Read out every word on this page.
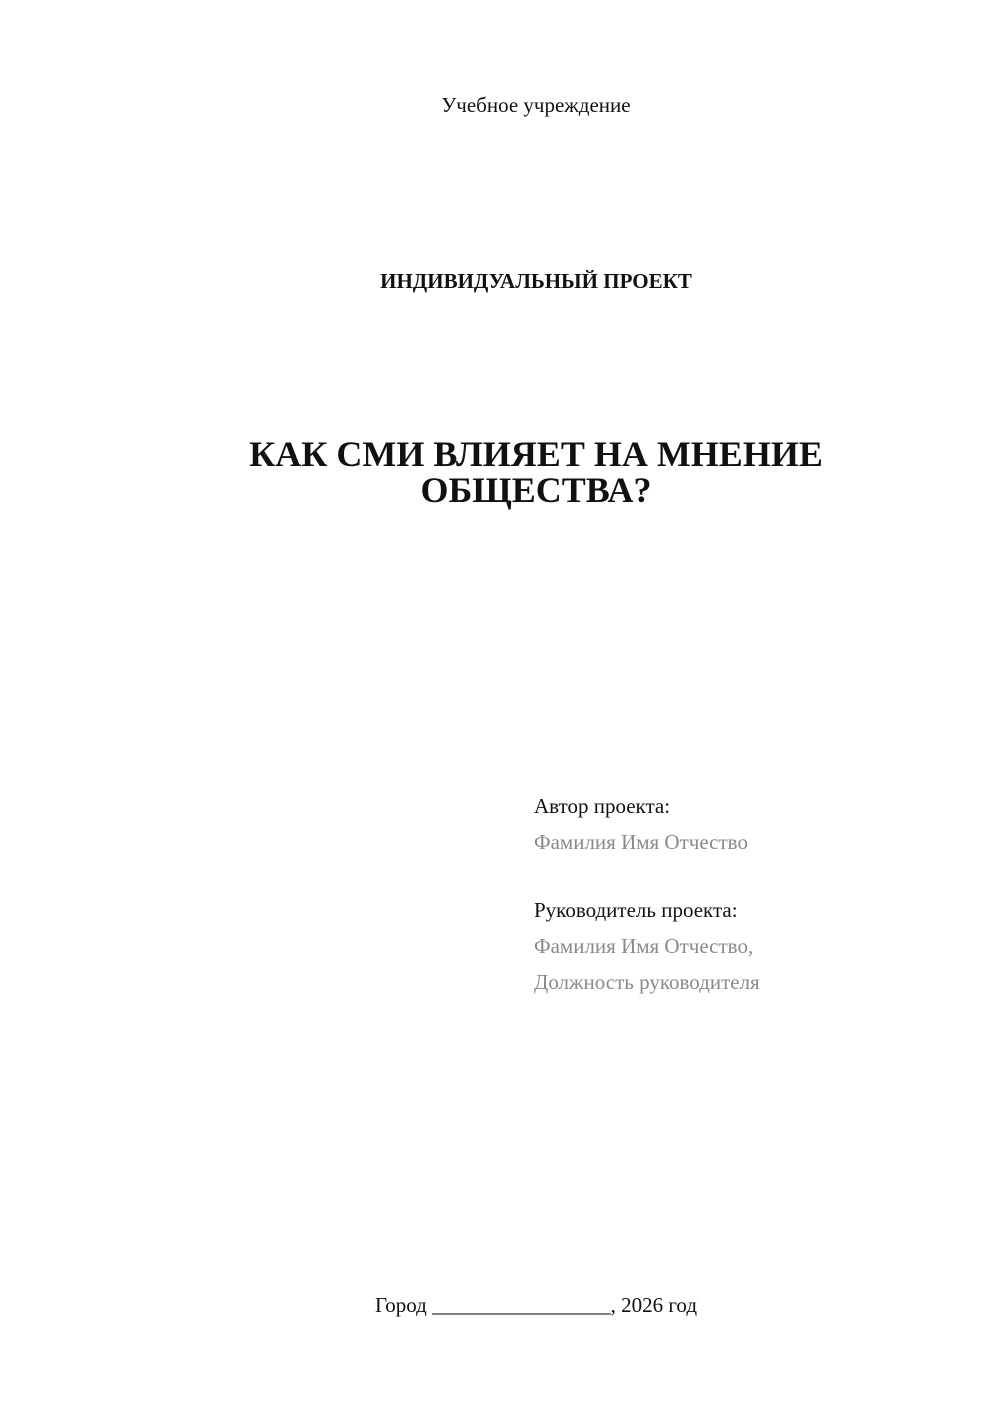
Учебное учреждение
ИНДИВИДУАЛЬНЫЙ ПРОЕКТ
КАК СМИ ВЛИЯЕТ НА МНЕНИЕ
ОБЩЕСТВА?
Автор проекта:
Фамилия Имя Отчество
Руководитель проекта:
Фамилия Имя Отчество,
Должность руководителя
Город _________________, 2026 год
